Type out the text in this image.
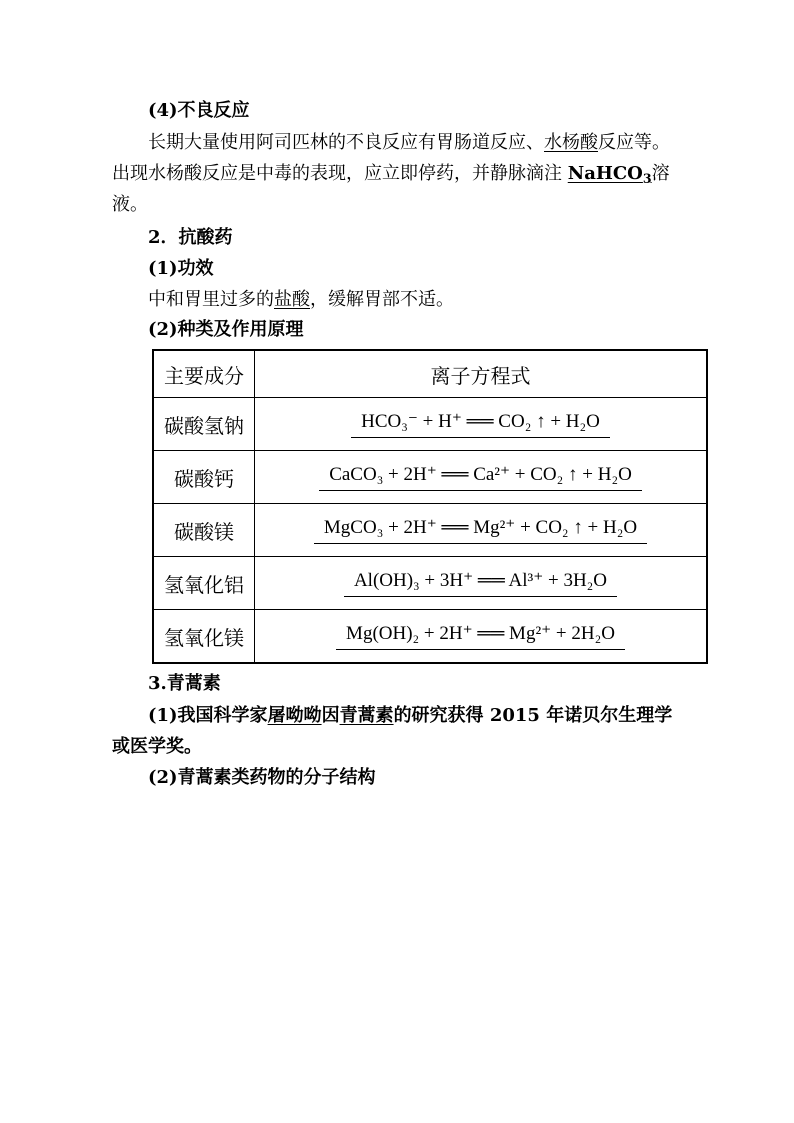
(4)不良反应
长期大量使用阿司匹林的不良反应有胃肠道反应、水杨酸反应等。
出现水杨酸反应是中毒的表现，应立即停药，并静脉滴注 NaHCO$_3$溶
液。
2．抗酸药
(1)功效
中和胃里过多的盐酸，缓解胃部不适。
(2)种类及作用原理
主要成分	离子方程式
碳酸氢钠	HCO₃⁻ + H⁺ ══ CO₂ ↑ + H₂O
碳酸钙	CaCO₃ + 2H⁺ ══ Ca²⁺ + CO₂ ↑ + H₂O
碳酸镁	MgCO₃ + 2H⁺ ══ Mg²⁺ + CO₂ ↑ + H₂O
氢氧化铝	Al(OH)₃ + 3H⁺ ══ Al³⁺ + 3H₂O
氢氧化镁	Mg(OH)₂ + 2H⁺ ══ Mg²⁺ + 2H₂O
3.青蒿素
(1)我国科学家屠呦呦因青蒿素的研究获得 2015 年诺贝尔生理学
或医学奖。
(2)青蒿素类药物的分子结构
